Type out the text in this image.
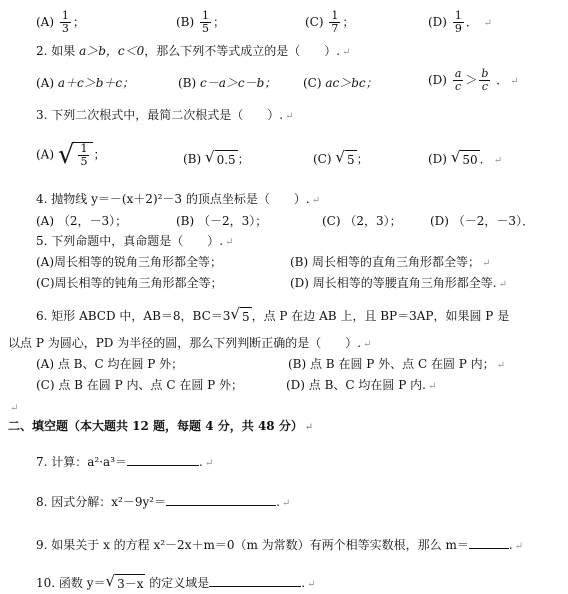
$(A) \frac{1}{3}$ ；	$(B) \frac{1}{5}$ ；	$(C) \frac{1}{7}$ ；	$(D) \frac{1}{9}$ ． ↵
2. 如果 a＞b，c＜0，那么下列不等式成立的是（　　）. ↵
(A) a＋c＞b＋c；	(B) c－a＞c－b； (C) ac＞bc；	$(D) \frac{a}{c} > \frac{b}{c}$ ． ↵
3. 下列二次根式中，最简二次根式是（　　）. ↵
(A) √ $\frac{1}{5}$ ；	(B) √ 0.5 ；	(C) √ 5 ；	(D) √ 50 ． ↵
4. 抛物线 y＝－(x＋2)²－3 的顶点坐标是（　　）. ↵
(A) （2，－3）；	(B) （－2，3）；	(C) （2，3）； (D) （－2，－3）．
5. 下列命题中，真命题是（　　）. ↵
(A)周长相等的锐角三角形都全等；	(B) 周长相等的直角三角形都全等； ↵
(C)周长相等的钝角三角形都全等；	(D) 周长相等的等腰直角三角形都全等. ↵
6. 矩形 ABCD 中，AB＝8，BC＝3 √ 5 ，点 P 在边 AB 上，且 BP＝3AP，如果圆 P 是
以点 P 为圆心，PD 为半径的圆，那么下列判断正确的是（　　）. ↵
(A) 点 B、C 均在圆 P 外；	(B) 点 B 在圆 P 外、点 C 在圆 P 内； ↵
(C) 点 B 在圆 P 内、点 C 在圆 P 外；	(D) 点 B、C 均在圆 P 内. ↵
↵
二、填空题（本大题共 12 题，每题 4 分，共 48 分） ↵
7. 计算：a²·a³＝	. ↵
8. 因式分解：x²－9y²＝	. ↵
9. 如果关于 x 的方程 x²－2x＋m＝0（m 为常数）有两个相等实数根，那么 m＝	. ↵
10. 函数 y＝ √ 3－x 的定义域是	. ↵
